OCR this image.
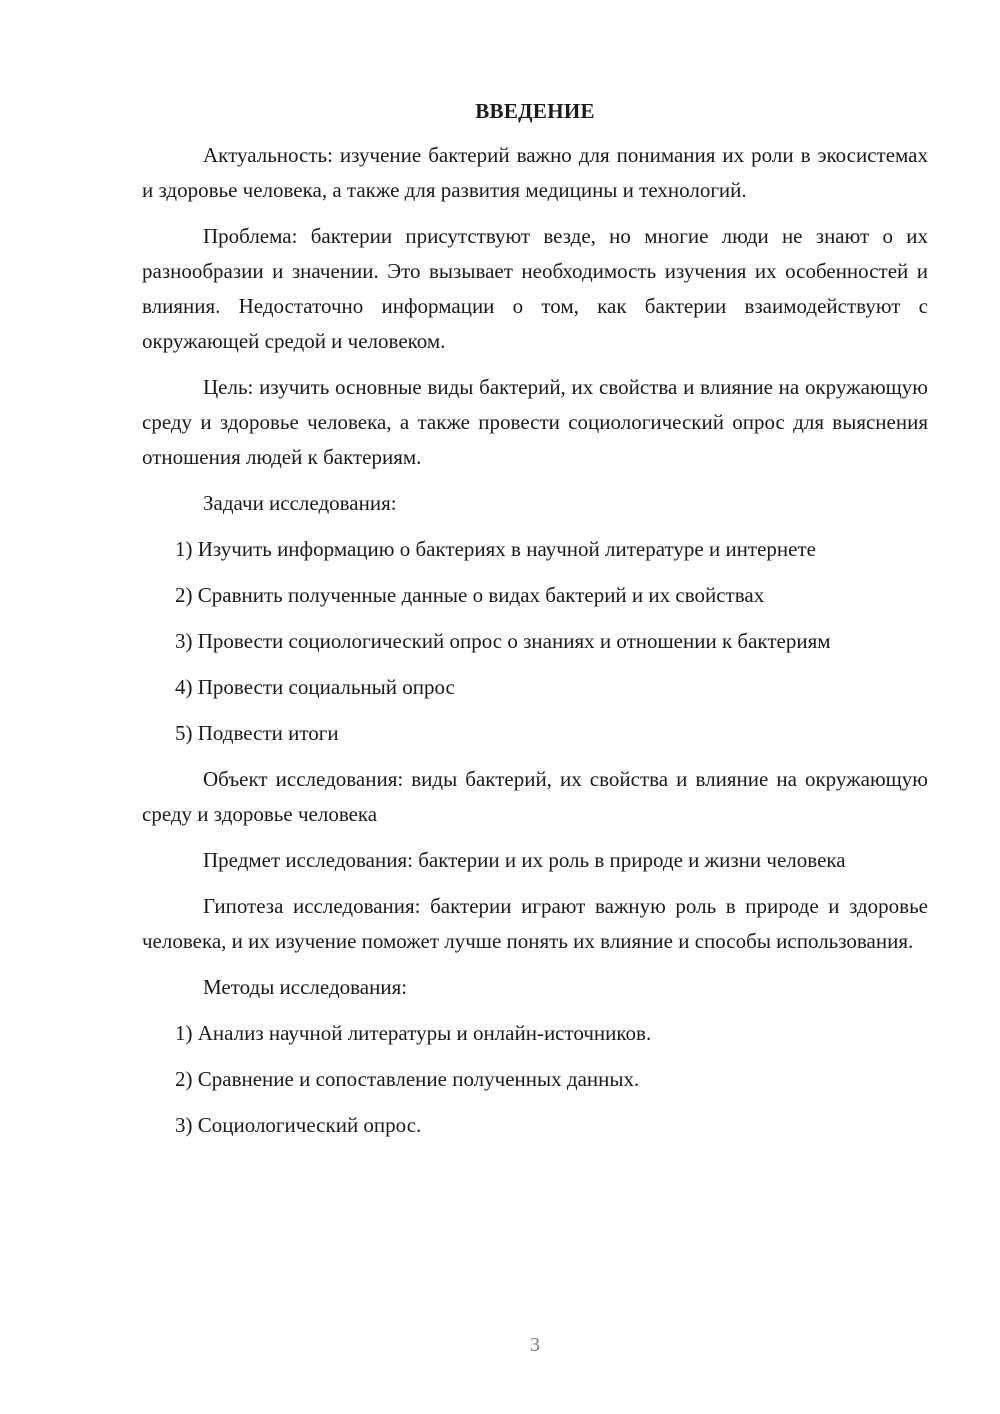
ВВЕДЕНИЕ

Актуальность: изучение бактерий важно для понимания их роли в экосистемах и здоровье человека, а также для развития медицины и технологий.

Проблема: бактерии присутствуют везде, но многие люди не знают о их разнообразии и значении. Это вызывает необходимость изучения их особенностей и влияния. Недостаточно информации о том, как бактерии взаимодействуют с окружающей средой и человеком.

Цель: изучить основные виды бактерий, их свойства и влияние на окружающую среду и здоровье человека, а также провести социологический опрос для выяснения отношения людей к бактериям.

Задачи исследования:

1) Изучить информацию о бактериях в научной литературе и интернете

2) Сравнить полученные данные о видах бактерий и их свойствах

3) Провести социологический опрос о знаниях и отношении к бактериям

4) Провести социальный опрос

5) Подвести итоги

Объект исследования: виды бактерий, их свойства и влияние на окружающую среду и здоровье человека

Предмет исследования: бактерии и их роль в природе и жизни человека

Гипотеза исследования: бактерии играют важную роль в природе и здоровье человека, и их изучение поможет лучше понять их влияние и способы использования.

Методы исследования:

1) Анализ научной литературы и онлайн-источников.

2) Сравнение и сопоставление полученных данных.

3) Социологический опрос.

3
